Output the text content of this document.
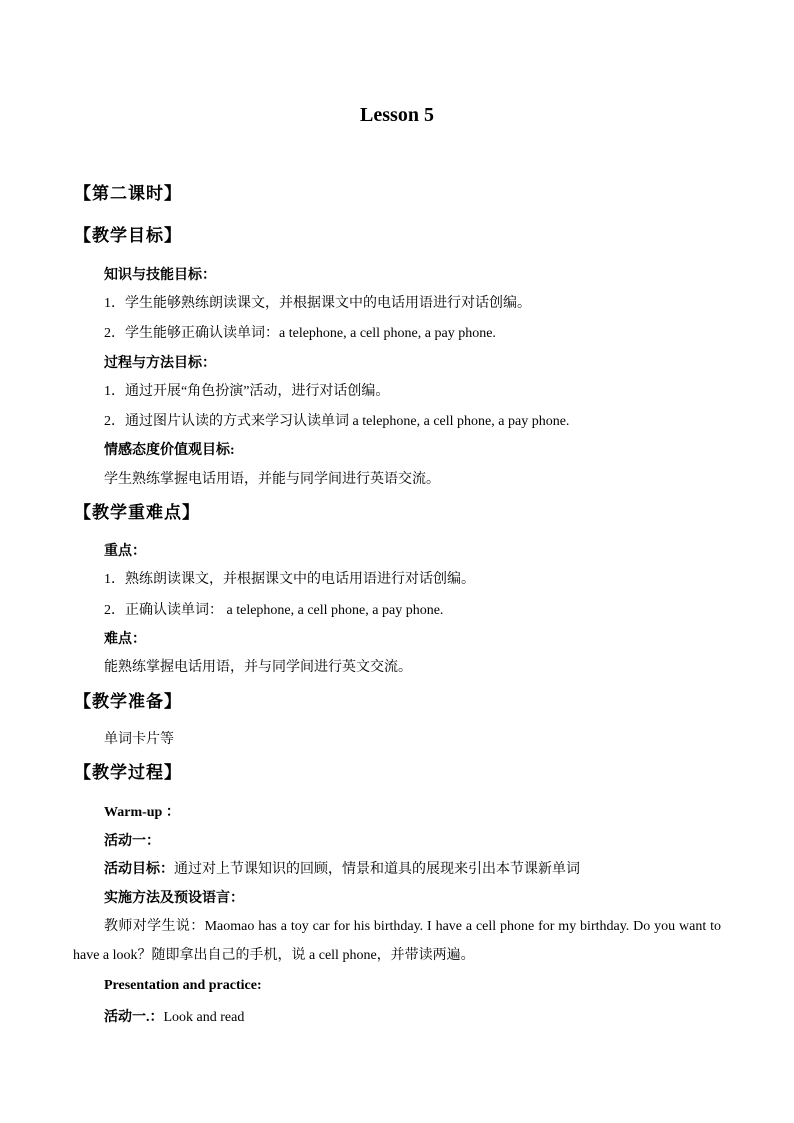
Lesson 5
【第二课时】
【教学目标】
知识与技能目标：
1．学生能够熟练朗读课文，并根据课文中的电话用语进行对话创编。
2．学生能够正确认读单词：a telephone, a cell phone, a pay phone.
过程与方法目标：
1．通过开展“角色扮演”活动，进行对话创编。
2．通过图片认读的方式来学习认读单词 a telephone, a cell phone, a pay phone.
情感态度价值观目标:
学生熟练掌握电话用语，并能与同学间进行英语交流。
【教学重难点】
重点：
1．熟练朗读课文，并根据课文中的电话用语进行对话创编。
2．正确认读单词： a telephone, a cell phone, a pay phone.
难点：
能熟练掌握电话用语，并与同学间进行英文交流。
【教学准备】
单词卡片等
【教学过程】
Warm-up ：
活动一：
活动目标：通过对上节课知识的回顾，情景和道具的展现来引出本节课新单词
实施方法及预设语言：
教师对学生说：Maomao has a toy car for his birthday. I have a cell phone for my birthday. Do you want to have a look？随即拿出自己的手机，说 a cell phone，并带读两遍。
Presentation and practice:
活动一.：Look and read
